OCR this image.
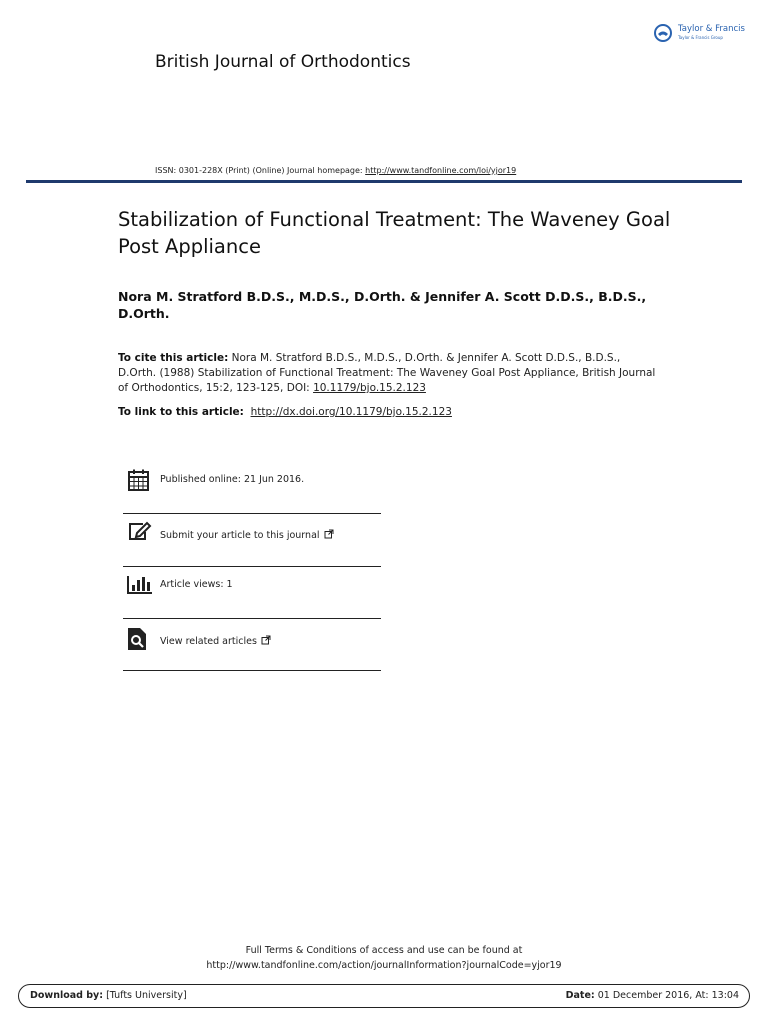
Taylor & Francis
Taylor & Francis Group
British Journal of Orthodontics
ISSN: 0301-228X (Print) (Online) Journal homepage: http://www.tandfonline.com/loi/yjor19
Stabilization of Functional Treatment: The Waveney Goal Post Appliance
Nora M. Stratford B.D.S., M.D.S., D.Orth. & Jennifer A. Scott D.D.S., B.D.S., D.Orth.
To cite this article: Nora M. Stratford B.D.S., M.D.S., D.Orth. & Jennifer A. Scott D.D.S., B.D.S., D.Orth. (1988) Stabilization of Functional Treatment: The Waveney Goal Post Appliance, British Journal of Orthodontics, 15:2, 123-125, DOI: 10.1179/bjo.15.2.123
To link to this article: http://dx.doi.org/10.1179/bjo.15.2.123
Published online: 21 Jun 2016.
Submit your article to this journal
Article views: 1
View related articles
Full Terms & Conditions of access and use can be found at
http://www.tandfonline.com/action/journalInformation?journalCode=yjor19
Download by: [Tufts University]	Date: 01 December 2016, At: 13:04
